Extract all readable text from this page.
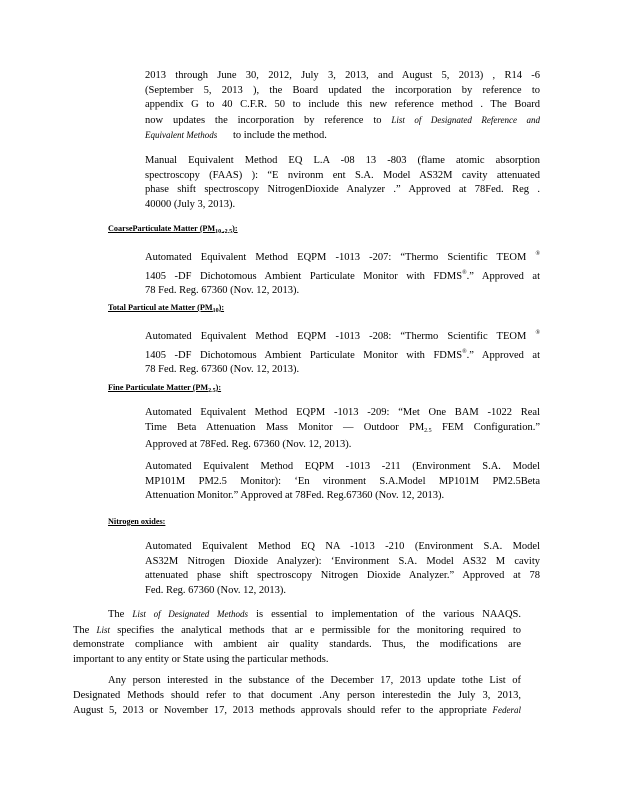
2013 through June 30, 2012, July 3, 2013, and August 5, 2013) , R14 -6
(September 5, 2013 ), the Board updated the incorporation by reference to
appendix G to 40 C.F.R. 50 to include this new reference method . The Board
now updates the incorporation by reference to List of Designated Reference and
Equivalent Methods to include the method.
Manual Equivalent Method EQ L.A -08 13 -803 (flame atomic absorption
spectroscopy (FAAS) ): “E nvironm ent S.A. Model AS32M cavity attenuated
phase shift spectroscopy NitrogenDioxide Analyzer .” Approved at 78Fed. Reg .
40000 (July 3, 2013).
CoarseParticulate Matter $(PM_{10 -2.5})$:
Automated Equivalent Method EQPM -1013 -207: “Thermo Scientific TEOM ®
1405 -DF Dichotomous Ambient Particulate Monitor with FDMS®.” Approved at
78 Fed. Reg. 67360 (Nov. 12, 2013).
Total Particul ate Matter $(PM_{10})$:
Automated Equivalent Method EQPM -1013 -208: “Thermo Scientific TEOM ®
1405 -DF Dichotomous Ambient Particulate Monitor with FDMS®.” Approved at
78 Fed. Reg. 67360 (Nov. 12, 2013).
Fine Particulate Matter $(PM_{2.5})$:
Automated Equivalent Method EQPM -1013 -209: “Met One BAM -1022 Real
Time Beta Attenuation Mass Monitor — Outdoor $PM_{2.5}$ FEM Configuration.”
Approved at 78Fed. Reg. 67360 (Nov. 12, 2013).
Automated Equivalent Method EQPM -1013 -211 (Environment S.A. Model
MP101M PM2.5 Monitor): ‘En vironment S.A.Model MP101M PM2.5Beta
Attenuation Monitor.” Approved at 78Fed. Reg.67360 (Nov. 12, 2013).
Nitrogen oxides:
Automated Equivalent Method EQ NA -1013 -210 (Environment S.A. Model
AS32M Nitrogen Dioxide Analyzer): ‘Environment S.A. Model AS32 M cavity
attenuated phase shift spectroscopy Nitrogen Dioxide Analyzer.” Approved at 78
Fed. Reg. 67360 (Nov. 12, 2013).
The List of Designated Methods is essential to implementation of the various NAAQS.
The List specifies the analytical methods that ar e permissible for the monitoring required to
demonstrate compliance with ambient air quality standards. Thus, the modifications are
important to any entity or State using the particular methods.
Any person interested in the substance of the December 17, 2013 update tothe List of
Designated Methods should refer to that document .Any person interestedin the July 3, 2013,
August 5, 2013 or November 17, 2013 methods approvals should refer to the appropriate Federal
